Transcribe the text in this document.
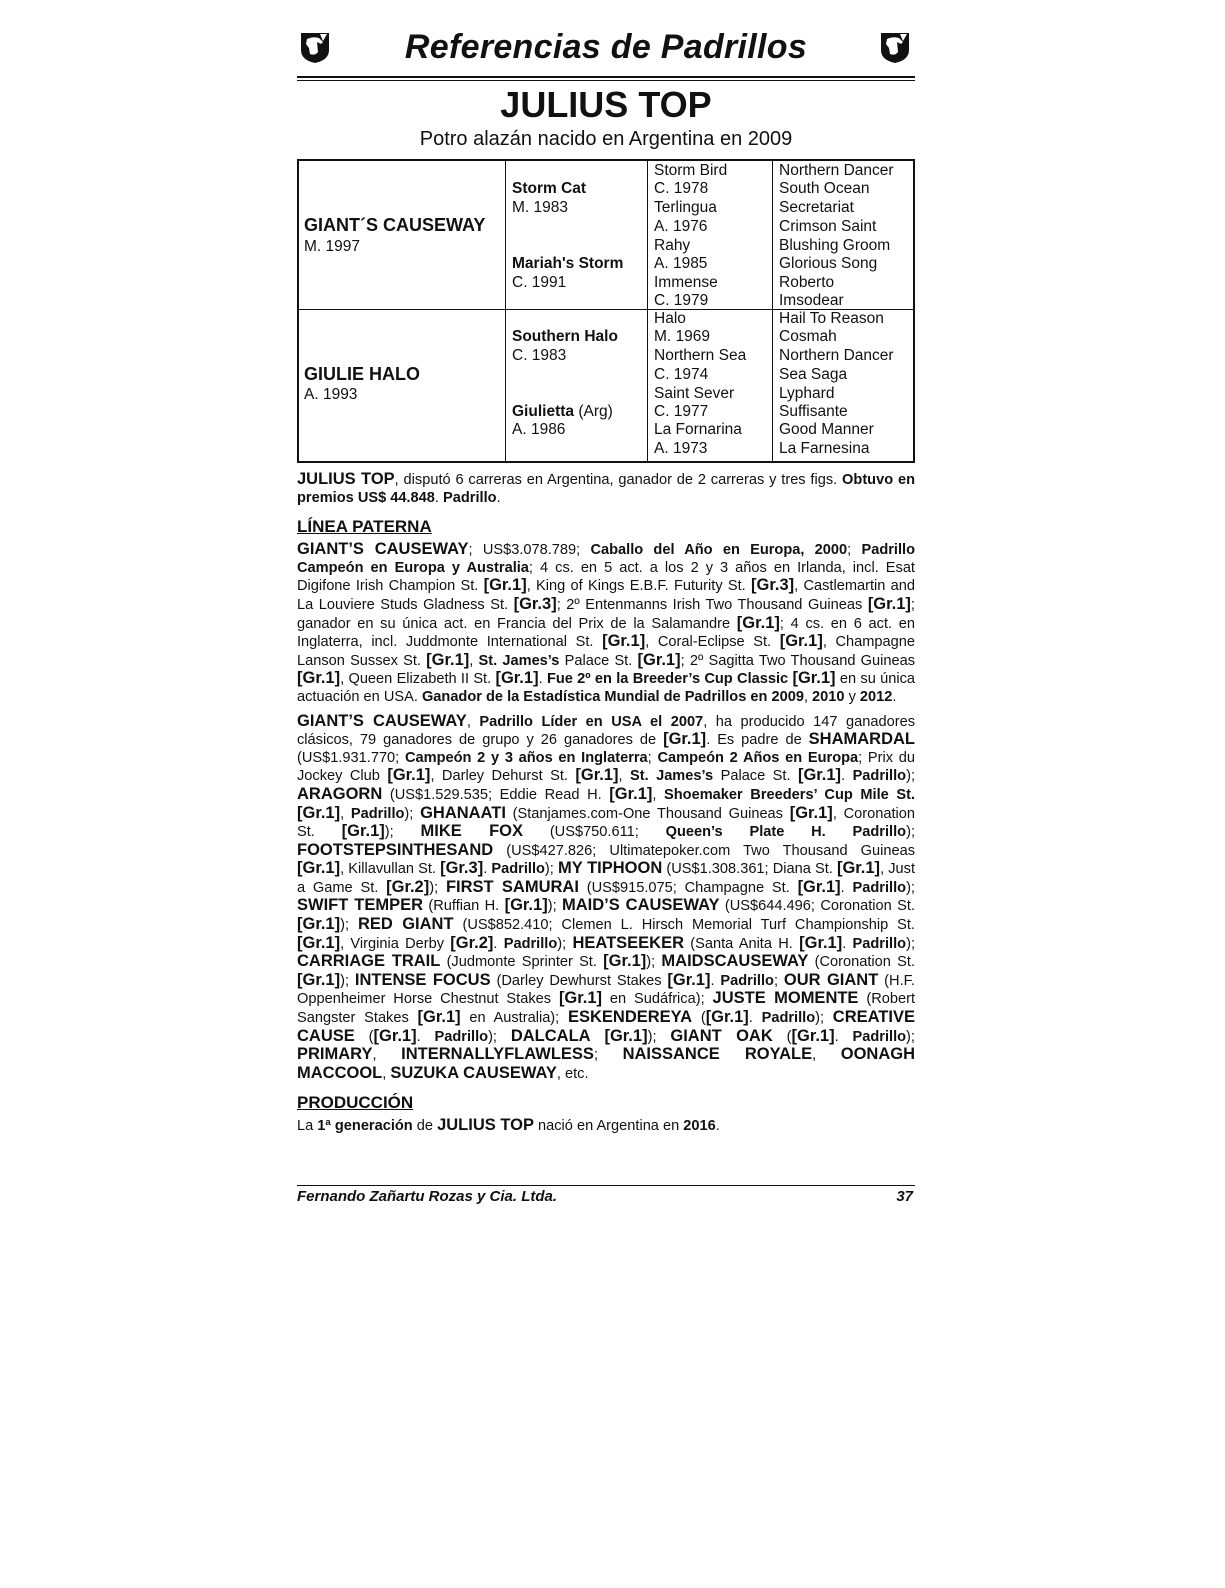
Referencias de Padrillos
JULIUS TOP
Potro alazán nacido en Argentina en 2009
GIANT´S CAUSEWAY
M. 1997
GIULIE HALO
A. 1993
Storm Cat
M. 1983
Mariah's Storm
C. 1991
Southern Halo
C. 1983
Giulietta (Arg)
A. 1986
Storm Bird
C. 1978
Terlingua
A. 1976
Rahy
A. 1985
Immense
C. 1979
Halo
M. 1969
Northern Sea
C. 1974
Saint Sever
C. 1977
La Fornarina
A. 1973
Northern Dancer
South Ocean
Secretariat
Crimson Saint
Blushing Groom
Glorious Song
Roberto
Imsodear
Hail To Reason
Cosmah
Northern Dancer
Sea Saga
Lyphard
Suffisante
Good Manner
La Farnesina
JULIUS TOP, disputó 6 carreras en Argentina, ganador de 2 carreras y tres figs. Obtuvo en premios US$ 44.848. Padrillo.
LÍNEA PATERNA
GIANT’S CAUSEWAY; US$3.078.789; Caballo del Año en Europa, 2000; Padrillo Campeón en Europa y Australia; 4 cs. en 5 act. a los 2 y 3 años en Irlanda, incl. Esat Digifone Irish Champion St. [Gr.1], King of Kings E.B.F. Futurity St. [Gr.3], Castlemartin and La Louviere Studs Gladness St. [Gr.3]; 2º Entenmanns Irish Two Thousand Guineas [Gr.1]; ganador en su única act. en Francia del Prix de la Salamandre [Gr.1]; 4 cs. en 6 act. en Inglaterra, incl. Juddmonte International St. [Gr.1], Coral-Eclipse St. [Gr.1], Champagne Lanson Sussex St. [Gr.1], St. James’s Palace St. [Gr.1]; 2º Sagitta Two Thousand Guineas [Gr.1], Queen Elizabeth II St. [Gr.1]. Fue 2º en la Breeder’s Cup Classic [Gr.1] en su única actuación en USA. Ganador de la Estadística Mundial de Padrillos en 2009, 2010 y 2012.
GIANT’S CAUSEWAY, Padrillo Líder en USA el 2007, ha producido 147 ganadores clásicos, 79 ganadores de grupo y 26 ganadores de [Gr.1]. Es padre de SHAMARDAL (US$1.931.770; Campeón 2 y 3 años en Inglaterra; Campeón 2 Años en Europa; Prix du Jockey Club [Gr.1], Darley Dehurst St. [Gr.1], St. James’s Palace St. [Gr.1]. Padrillo); ARAGORN (US$1.529.535; Eddie Read H. [Gr.1], Shoemaker Breeders’ Cup Mile St. [Gr.1], Padrillo); GHANAATI (Stanjames.com-One Thousand Guineas [Gr.1], Coronation St. [Gr.1]); MIKE FOX (US$750.611; Queen’s Plate H. Padrillo); FOOTSTEPSINTHESAND (US$427.826; Ultimatepoker.com Two Thousand Guineas [Gr.1], Killavullan St. [Gr.3]. Padrillo); MY TIPHOON (US$1.308.361; Diana St. [Gr.1], Just a Game St. [Gr.2]); FIRST SAMURAI (US$915.075; Champagne St. [Gr.1]. Padrillo); SWIFT TEMPER (Ruffian H. [Gr.1]); MAID’S CAUSEWAY (US$644.496; Coronation St. [Gr.1]); RED GIANT (US$852.410; Clemen L. Hirsch Memorial Turf Championship St. [Gr.1], Virginia Derby [Gr.2]. Padrillo); HEATSEEKER (Santa Anita H. [Gr.1]. Padrillo); CARRIAGE TRAIL (Judmonte Sprinter St. [Gr.1]); MAIDSCAUSEWAY (Coronation St. [Gr.1]); INTENSE FOCUS (Darley Dewhurst Stakes [Gr.1]. Padrillo; OUR GIANT (H.F. Oppenheimer Horse Chestnut Stakes [Gr.1] en Sudáfrica); JUSTE MOMENTE (Robert Sangster Stakes [Gr.1] en Australia); ESKENDEREYA ([Gr.1]. Padrillo); CREATIVE CAUSE ([Gr.1]. Padrillo); DALCALA [Gr.1]); GIANT OAK ([Gr.1]. Padrillo); PRIMARY, INTERNALLYFLAWLESS; NAISSANCE ROYALE, OONAGH MACCOOL, SUZUKA CAUSEWAY, etc.
PRODUCCIÓN
La 1ª generación de JULIUS TOP nació en Argentina en 2016.
Fernando Zañartu Rozas y Cia. Ltda.	37
